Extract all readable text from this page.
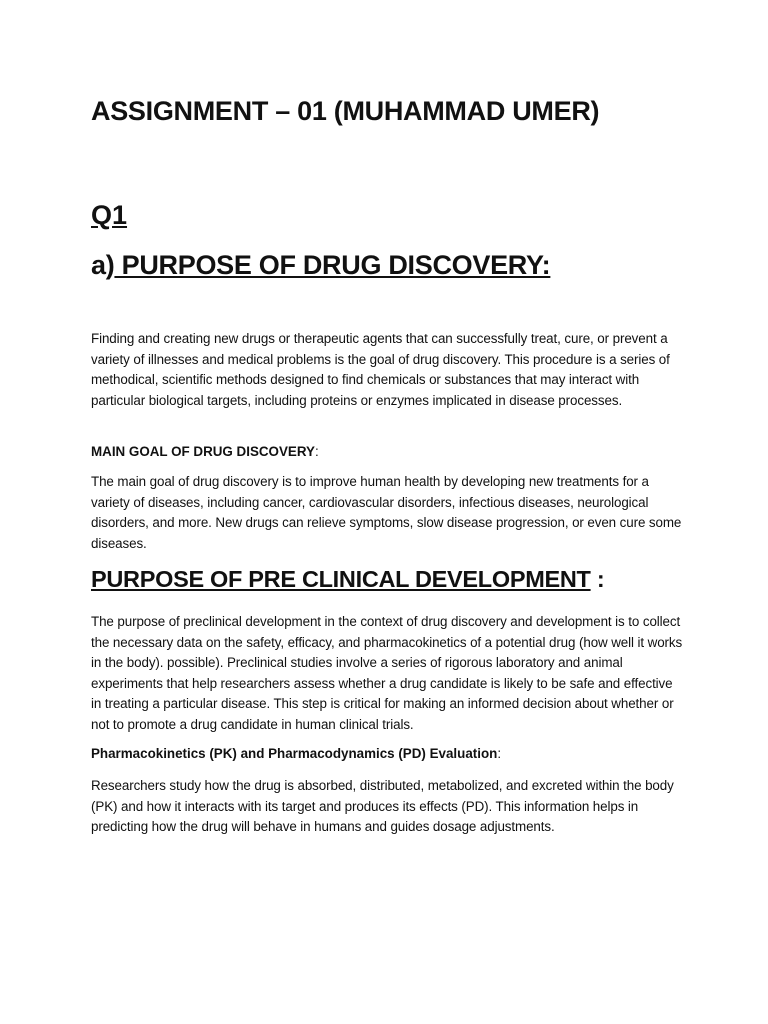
ASSIGNMENT – 01 (MUHAMMAD UMER)
Q1
a) PURPOSE OF DRUG DISCOVERY:

Finding and creating new drugs or therapeutic agents that can successfully treat, cure, or prevent a variety of illnesses and medical problems is the goal of drug discovery. This procedure is a series of methodical, scientific methods designed to find chemicals or substances that may interact with particular biological targets, including proteins or enzymes implicated in disease processes.

MAIN GOAL OF DRUG DISCOVERY:

The main goal of drug discovery is to improve human health by developing new treatments for a variety of diseases, including cancer, cardiovascular disorders, infectious diseases, neurological disorders, and more. New drugs can relieve symptoms, slow disease progression, or even cure some diseases.

PURPOSE OF PRE CLINICAL DEVELOPMENT :

The purpose of preclinical development in the context of drug discovery and development is to collect the necessary data on the safety, efficacy, and pharmacokinetics of a potential drug (how well it works in the body). possible). Preclinical studies involve a series of rigorous laboratory and animal experiments that help researchers assess whether a drug candidate is likely to be safe and effective in treating a particular disease. This step is critical for making an informed decision about whether or not to promote a drug candidate in human clinical trials.

Pharmacokinetics (PK) and Pharmacodynamics (PD) Evaluation:

Researchers study how the drug is absorbed, distributed, metabolized, and excreted within the body (PK) and how it interacts with its target and produces its effects (PD). This information helps in predicting how the drug will behave in humans and guides dosage adjustments.
